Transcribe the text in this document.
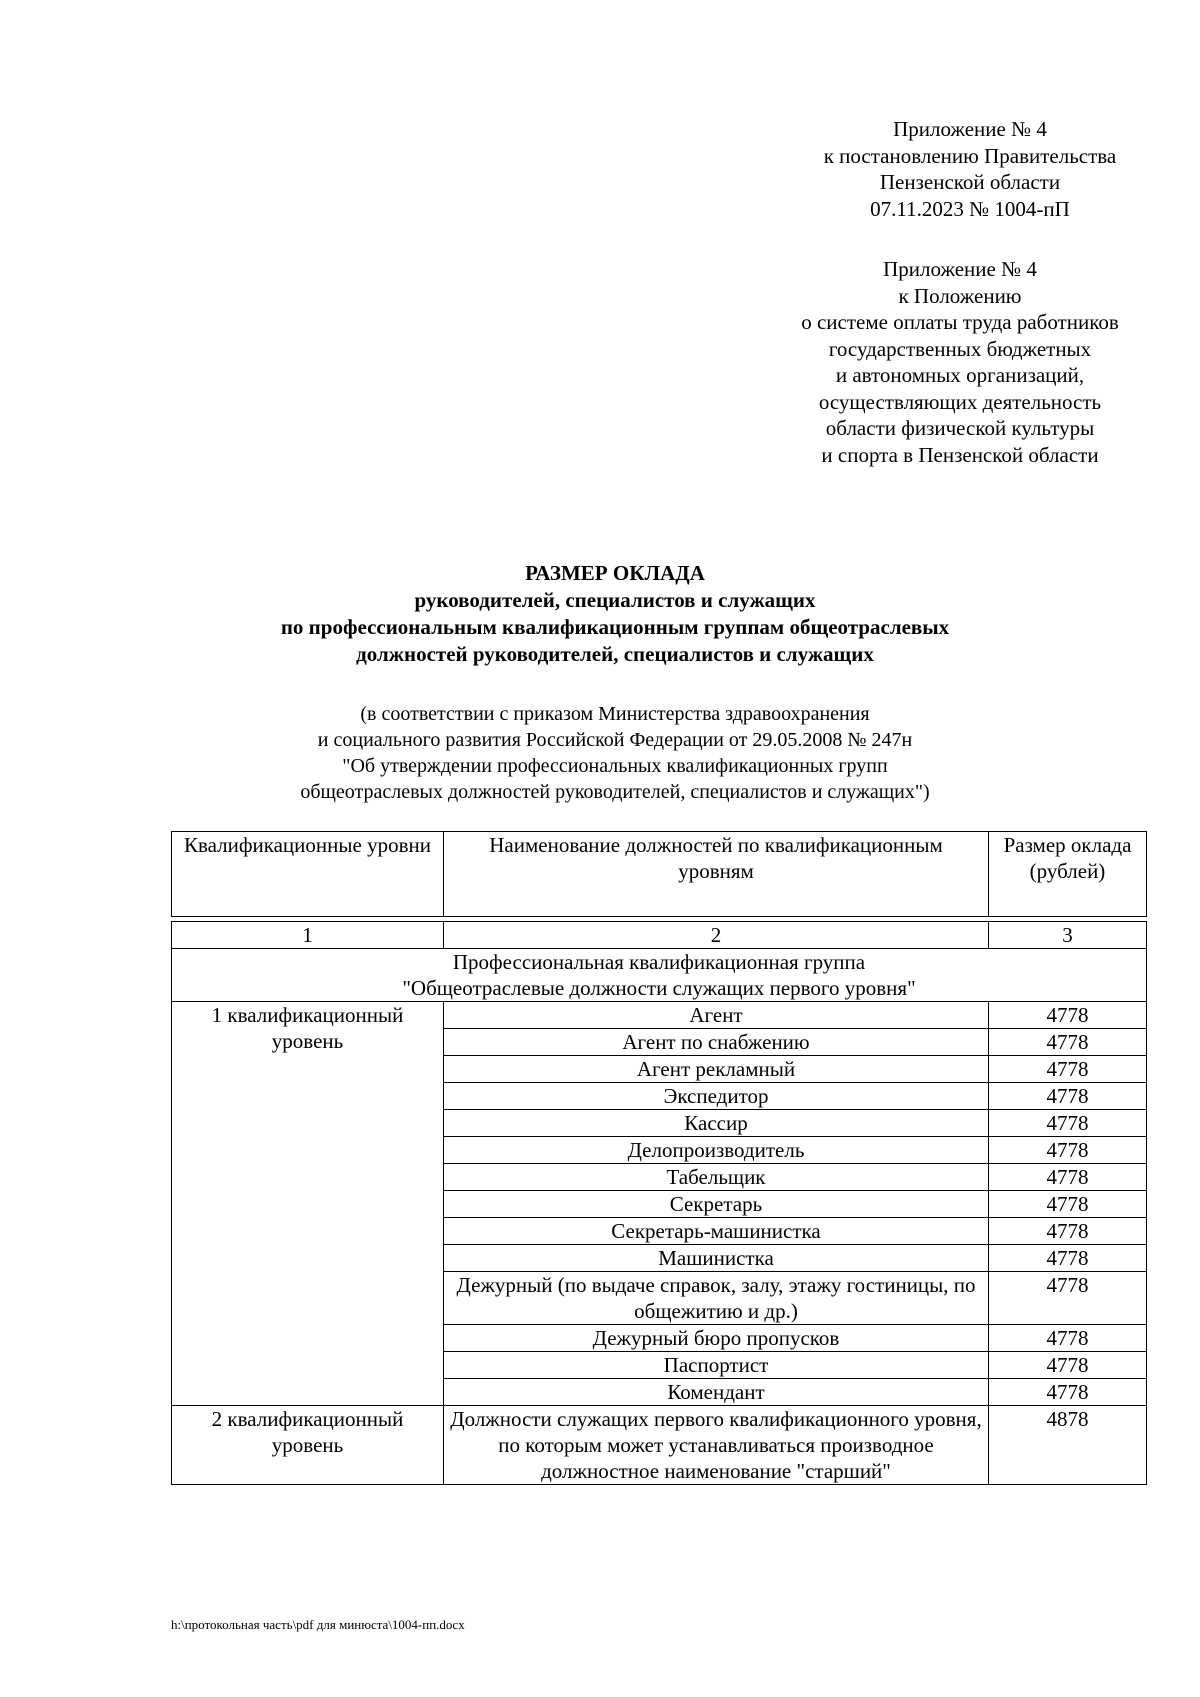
Приложение № 4
к постановлению Правительства
Пензенской области
07.11.2023 № 1004-пП
Приложение № 4
к Положению
о системе оплаты труда работников
государственных бюджетных
и автономных организаций,
осуществляющих деятельность
области физической культуры
и спорта в Пензенской области
РАЗМЕР ОКЛАДА
руководителей, специалистов и служащих
по профессиональным квалификационным группам общеотраслевых
должностей руководителей, специалистов и служащих
(в соответствии с приказом Министерства здравоохранения
и социального развития Российской Федерации от 29.05.2008 № 247н
"Об утверждении профессиональных квалификационных групп
общеотраслевых должностей руководителей, специалистов и служащих")
Квалификационные уровни	Наименование должностей по квалификационным уровням	Размер оклада (рублей)
1	2	3

Профессиональная квалификационная группа
"Общеотраслевые должности служащих первого уровня"		

1 квалификационный уровень	Агент	4778
	Агент по снабжению	4778
	Агент рекламный	4778
	Экспедитор	4778
	Кассир	4778
	Делопроизводитель	4778
	Табельщик	4778
	Секретарь	4778
	Секретарь-машинистка	4778
	Машинистка	4778
	Дежурный (по выдаче справок, залу, этажу гостиницы, по общежитию и др.)	4778
	Дежурный бюро пропусков	4778
	Паспортист	4778
	Комендант	4778
2 квалификационный уровень	Должности служащих первого квалификационного уровня, по которым может устанавливаться производное должностное наименование "старший"	4878
h:\протокольная часть\pdf для минюста\1004-пп.docx
